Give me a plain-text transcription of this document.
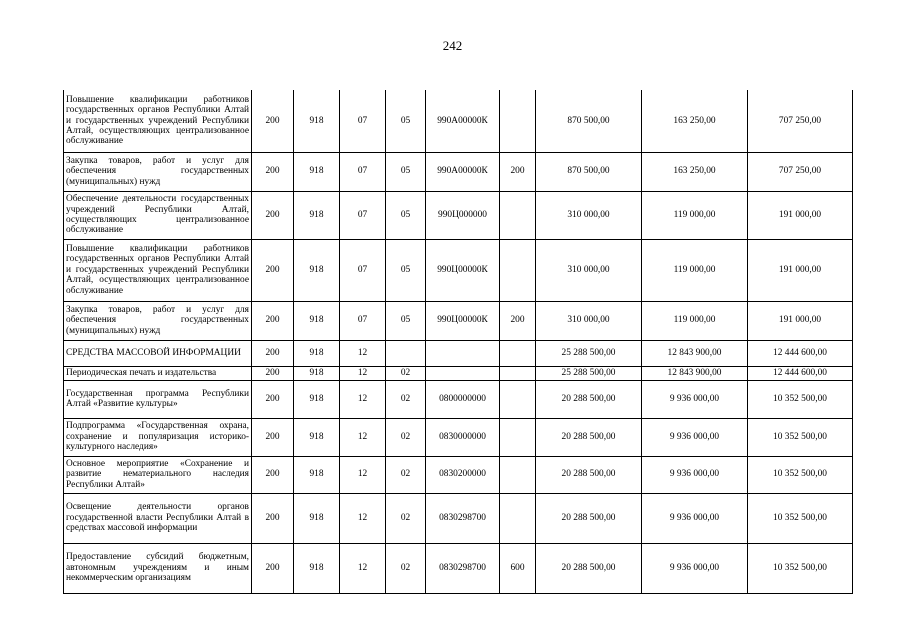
242
Повышение квалификации работников государственных органов Республики Алтай и государственных учреждений Республики Алтай, осуществляющих централизованное обслуживание	200	918	07	05	990А00000К		870 500,00	163 250,00	707 250,00
Закупка товаров, работ и услуг для обеспечения государственных (муниципальных) нужд	200	918	07	05	990А00000К	200	870 500,00	163 250,00	707 250,00
Обеспечение деятельности государственных учреждений Республики Алтай, осуществляющих централизованное обслуживание	200	918	07	05	990Ц000000		310 000,00	119 000,00	191 000,00
Повышение квалификации работников государственных органов Республики Алтай и государственных учреждений Республики Алтай, осуществляющих централизованное обслуживание	200	918	07	05	990Ц00000К		310 000,00	119 000,00	191 000,00
Закупка товаров, работ и услуг для обеспечения государственных (муниципальных) нужд	200	918	07	05	990Ц00000К	200	310 000,00	119 000,00	191 000,00
СРЕДСТВА МАССОВОЙ ИНФОРМАЦИИ	200	918	12				25 288 500,00	12 843 900,00	12 444 600,00
Периодическая печать и издательства	200	918	12	02			25 288 500,00	12 843 900,00	12 444 600,00
Государственная программа Республики Алтай «Развитие культуры»	200	918	12	02	0800000000		20 288 500,00	9 936 000,00	10 352 500,00
Подпрограмма «Государственная охрана, сохранение и популяризация историко-культурного наследия»	200	918	12	02	0830000000		20 288 500,00	9 936 000,00	10 352 500,00
Основное мероприятие «Сохранение и развитие нематериального наследия Республики Алтай»	200	918	12	02	0830200000		20 288 500,00	9 936 000,00	10 352 500,00
Освещение деятельности органов государственной власти Республики Алтай в средствах массовой информации	200	918	12	02	0830298700		20 288 500,00	9 936 000,00	10 352 500,00
Предоставление субсидий бюджетным, автономным учреждениям и иным некоммерческим организациям	200	918	12	02	0830298700	600	20 288 500,00	9 936 000,00	10 352 500,00
